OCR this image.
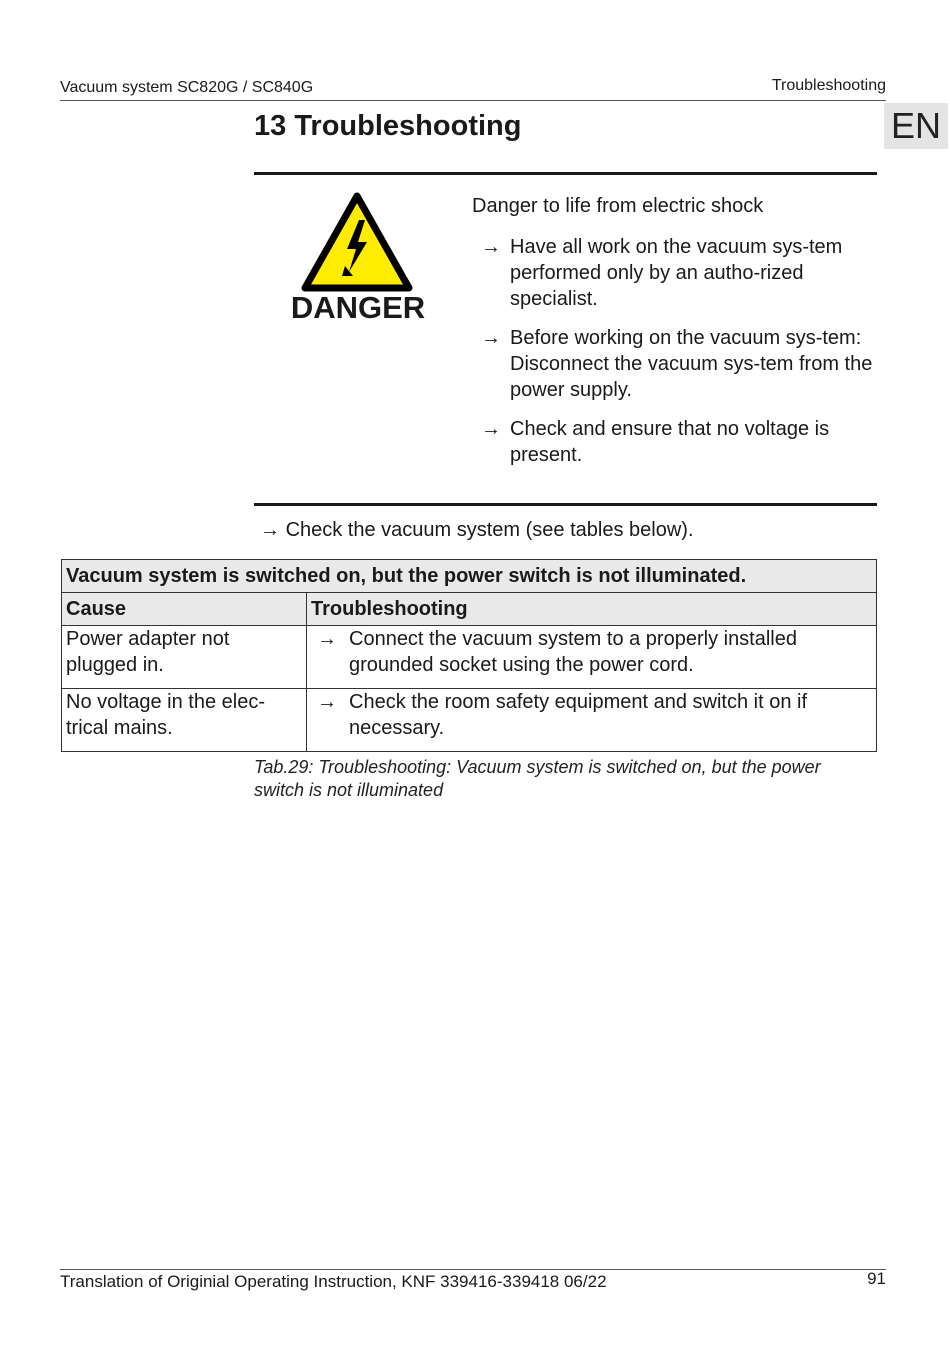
Vacuum system SC820G / SC840G	Troubleshooting
EN
13 Troubleshooting
DANGER
Danger to life from electric shock
→ Have all work on the vacuum sys-tem performed only by an autho-rized specialist.
→ Before working on the vacuum sys-tem: Disconnect the vacuum sys-tem from the power supply.
→ Check and ensure that no voltage is present.
→ Check the vacuum system (see tables below).
Vacuum system is switched on, but the power switch is not illuminated.	
Cause	Troubleshooting
Power adapter not plugged in.	→ Connect the vacuum system to a properly installed grounded socket using the power cord.

No voltage in the elec-trical mains.	→ Check the room safety equipment and switch it on if necessary.
Tab.29: Troubleshooting: Vacuum system is switched on, but the power switch is not illuminated
Translation of Originial Operating Instruction, KNF 339416-339418 06/22	91
